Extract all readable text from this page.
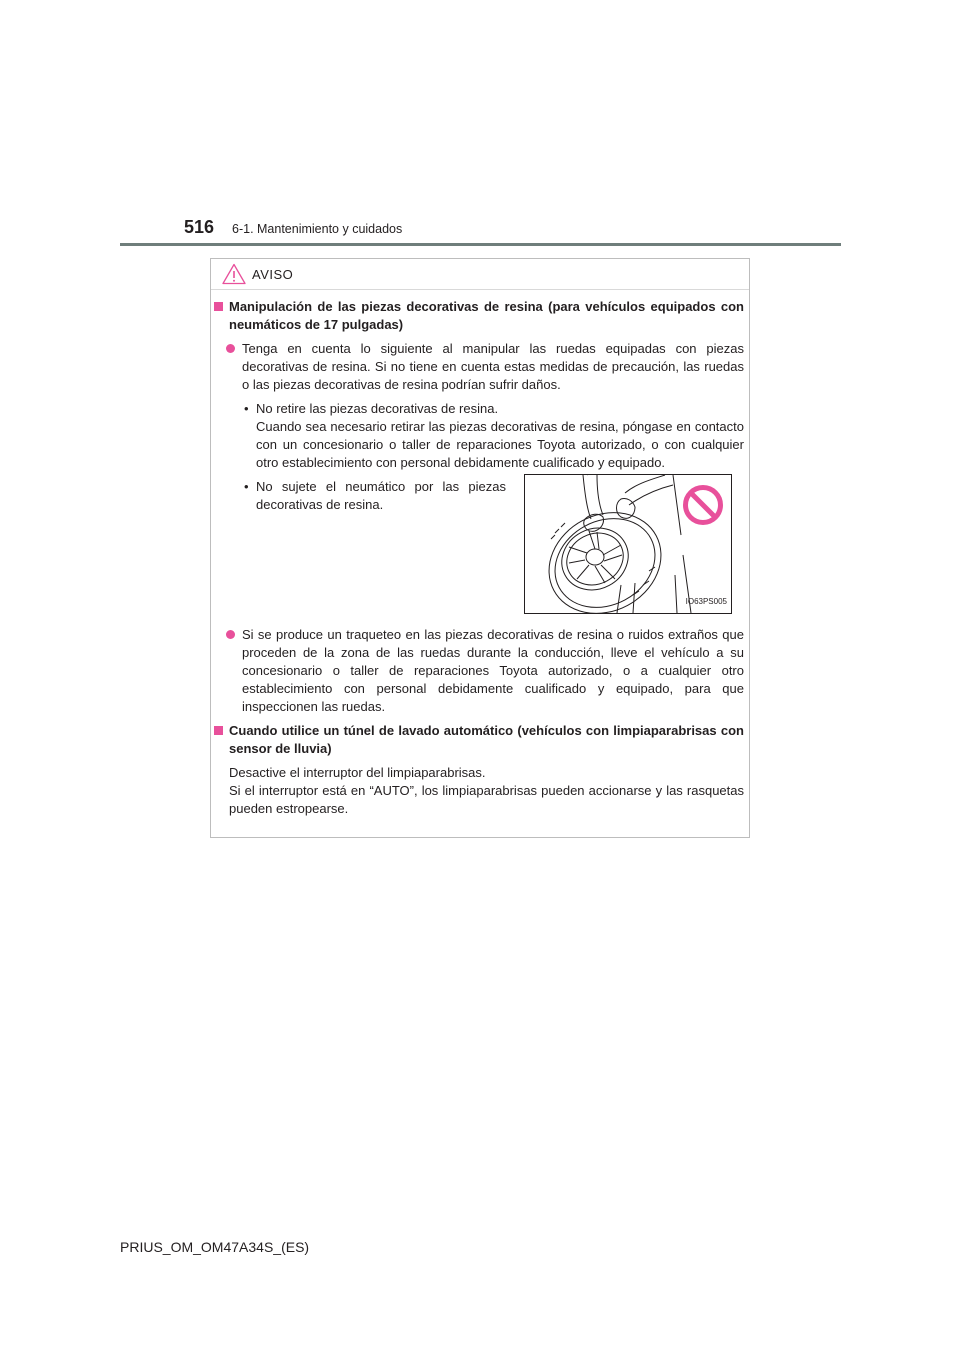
516 6-1. Mantenimiento y cuidados
AVISO
Manipulación de las piezas decorativas de resina (para vehículos equipados con neumáticos de 17 pulgadas)
Tenga en cuenta lo siguiente al manipular las ruedas equipadas con piezas decorativas de resina. Si no tiene en cuenta estas medidas de precaución, las ruedas o las piezas decorativas de resina podrían sufrir daños.
• No retire las piezas decorativas de resina.
Cuando sea necesario retirar las piezas decorativas de resina, póngase en contacto con un concesionario o taller de reparaciones Toyota autorizado, o con cualquier otro establecimiento con personal debidamente cualificado y equipado.
• No sujete el neumático por las piezas decorativas de resina.
IO63PS005
Si se produce un traqueteo en las piezas decorativas de resina o ruidos extraños que proceden de la zona de las ruedas durante la conducción, lleve el vehículo a su concesionario o taller de reparaciones Toyota autorizado, o a cualquier otro establecimiento con personal debidamente cualificado y equipado, para que inspeccionen las ruedas.
Cuando utilice un túnel de lavado automático (vehículos con limpiaparabrisas con sensor de lluvia)
Desactive el interruptor del limpiaparabrisas.
Si el interruptor está en “AUTO”, los limpiaparabrisas pueden accionarse y las rasquetas pueden estropearse.
PRIUS_OM_OM47A34S_(ES)
